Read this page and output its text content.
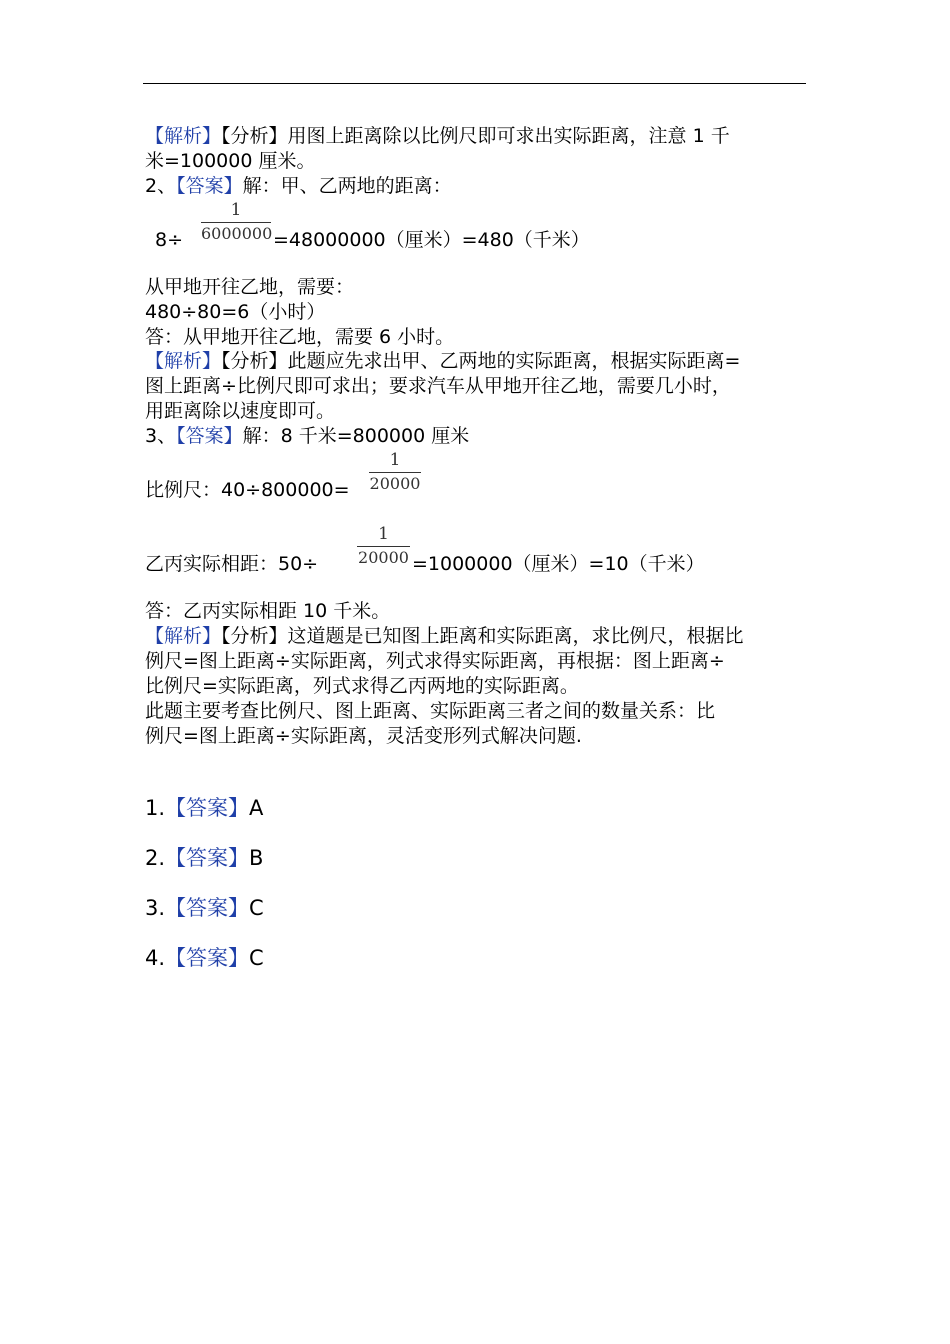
【解析】【分析】用图上距离除以比例尺即可求出实际距离，注意 1 千
米=100000 厘米。
2、【答案】解：甲、乙两地的距离：
8÷
1
6000000 =48000000（厘米）=480（千米）
从甲地开往乙地，需要：
480÷80=6（小时）
答：从甲地开往乙地，需要 6 小时。
【解析】【分析】此题应先求出甲、乙两地的实际距离，根据实际距离=
图上距离÷比例尺即可求出；要求汽车从甲地开往乙地，需要几小时，
用距离除以速度即可。
3、【答案】解：8 千米=800000 厘米
比例尺：40÷800000=
1
20000
乙丙实际相距：50÷
1
20000 =1000000（厘米）=10（千米）
答：乙丙实际相距 10 千米。
【解析】【分析】这道题是已知图上距离和实际距离，求比例尺，根据比
例尺=图上距离÷实际距离，列式求得实际距离，再根据：图上距离÷
比例尺=实际距离，列式求得乙丙两地的实际距离。
此题主要考查比例尺、图上距离、实际距离三者之间的数量关系：比
例尺=图上距离÷实际距离，灵活变形列式解决问题.
1.【答案】A
2.【答案】B
3.【答案】C
4.【答案】C
